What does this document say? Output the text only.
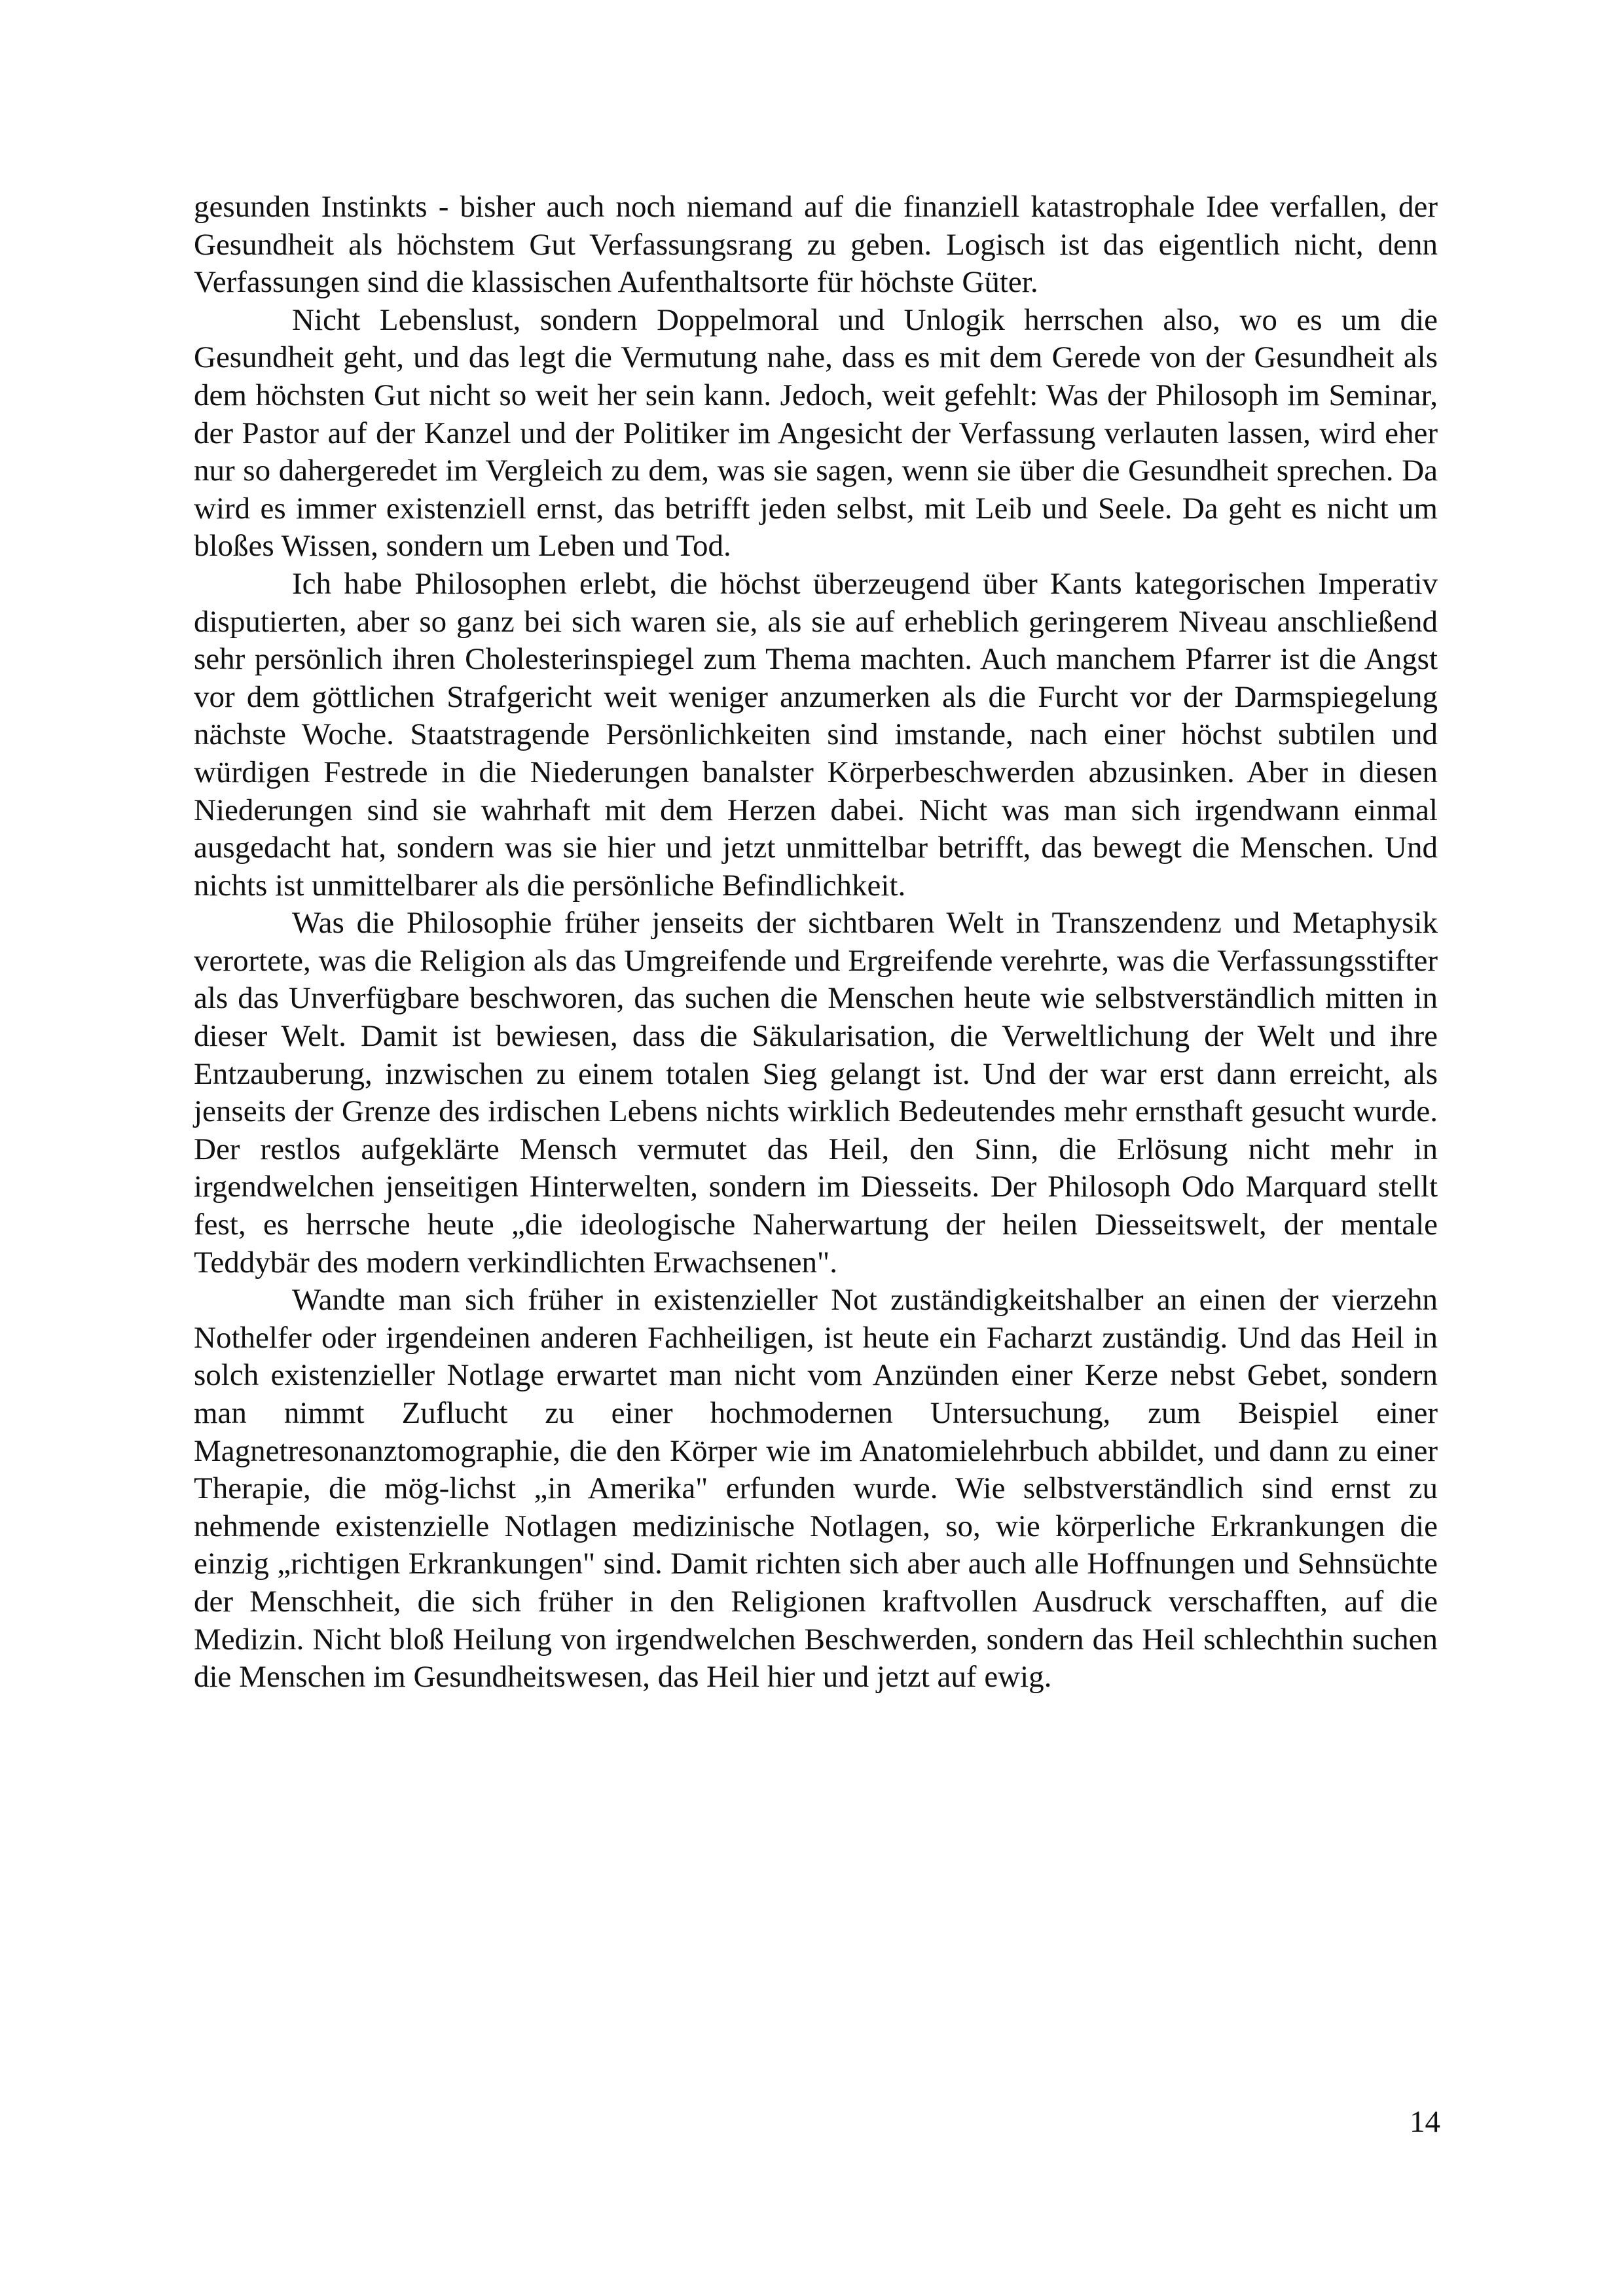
gesunden Instinkts - bisher auch noch niemand auf die finanziell katastrophale Idee verfallen, der Gesundheit als höchstem Gut Verfassungsrang zu geben. Logisch ist das eigentlich nicht, denn Verfassungen sind die klassischen Aufenthaltsorte für höchste Güter.

Nicht Lebenslust, sondern Doppelmoral und Unlogik herrschen also, wo es um die Gesundheit geht, und das legt die Vermutung nahe, dass es mit dem Gerede von der Gesundheit als dem höchsten Gut nicht so weit her sein kann. Jedoch, weit gefehlt: Was der Philosoph im Seminar, der Pastor auf der Kanzel und der Politiker im Angesicht der Verfassung verlauten lassen, wird eher nur so dahergeredet im Vergleich zu dem, was sie sagen, wenn sie über die Gesundheit sprechen. Da wird es immer existenziell ernst, das betrifft jeden selbst, mit Leib und Seele. Da geht es nicht um bloßes Wissen, sondern um Leben und Tod.

Ich habe Philosophen erlebt, die höchst überzeugend über Kants kategorischen Imperativ disputierten, aber so ganz bei sich waren sie, als sie auf erheblich geringerem Niveau anschließend sehr persönlich ihren Cholesterinspiegel zum Thema machten. Auch manchem Pfarrer ist die Angst vor dem göttlichen Strafgericht weit weniger anzumerken als die Furcht vor der Darmspiegelung nächste Woche. Staatstragende Persönlichkeiten sind imstande, nach einer höchst subtilen und würdigen Festrede in die Niederungen banalster Körperbeschwerden abzusinken. Aber in diesen Niederungen sind sie wahrhaft mit dem Herzen dabei. Nicht was man sich irgendwann einmal ausgedacht hat, sondern was sie hier und jetzt unmittelbar betrifft, das bewegt die Menschen. Und nichts ist unmittelbarer als die persönliche Befindlichkeit.

Was die Philosophie früher jenseits der sichtbaren Welt in Transzendenz und Metaphysik verortete, was die Religion als das Umgreifende und Ergreifende verehrte, was die Verfassungsstifter als das Unverfügbare beschworen, das suchen die Menschen heute wie selbstverständlich mitten in dieser Welt. Damit ist bewiesen, dass die Säkularisation, die Verweltlichung der Welt und ihre Entzauberung, inzwischen zu einem totalen Sieg gelangt ist. Und der war erst dann erreicht, als jenseits der Grenze des irdischen Lebens nichts wirklich Bedeutendes mehr ernsthaft gesucht wurde. Der restlos aufgeklärte Mensch vermutet das Heil, den Sinn, die Erlösung nicht mehr in irgendwelchen jenseitigen Hinterwelten, sondern im Diesseits. Der Philosoph Odo Marquard stellt fest, es herrsche heute „die ideologische Naherwartung der heilen Diesseitswelt, der mentale Teddybär des modern verkindlichten Erwachsenen".

Wandte man sich früher in existenzieller Not zuständigkeitshalber an einen der vierzehn Nothelfer oder irgendeinen anderen Fachheiligen, ist heute ein Facharzt zuständig. Und das Heil in solch existenzieller Notlage erwartet man nicht vom Anzünden einer Kerze nebst Gebet, sondern man nimmt Zuflucht zu einer hochmodernen Untersuchung, zum Beispiel einer Magnetresonanztomographie, die den Körper wie im Anatomielehrbuch abbildet, und dann zu einer Therapie, die mög-lichst „in Amerika" erfunden wurde. Wie selbstverständlich sind ernst zu nehmende existenzielle Notlagen medizinische Notlagen, so, wie körperliche Erkrankungen die einzig „richtigen Erkrankungen" sind. Damit richten sich aber auch alle Hoffnungen und Sehnsüchte der Menschheit, die sich früher in den Religionen kraftvollen Ausdruck verschafften, auf die Medizin. Nicht bloß Heilung von irgendwelchen Beschwerden, sondern das Heil schlechthin suchen die Menschen im Gesundheitswesen, das Heil hier und jetzt auf ewig.

14
